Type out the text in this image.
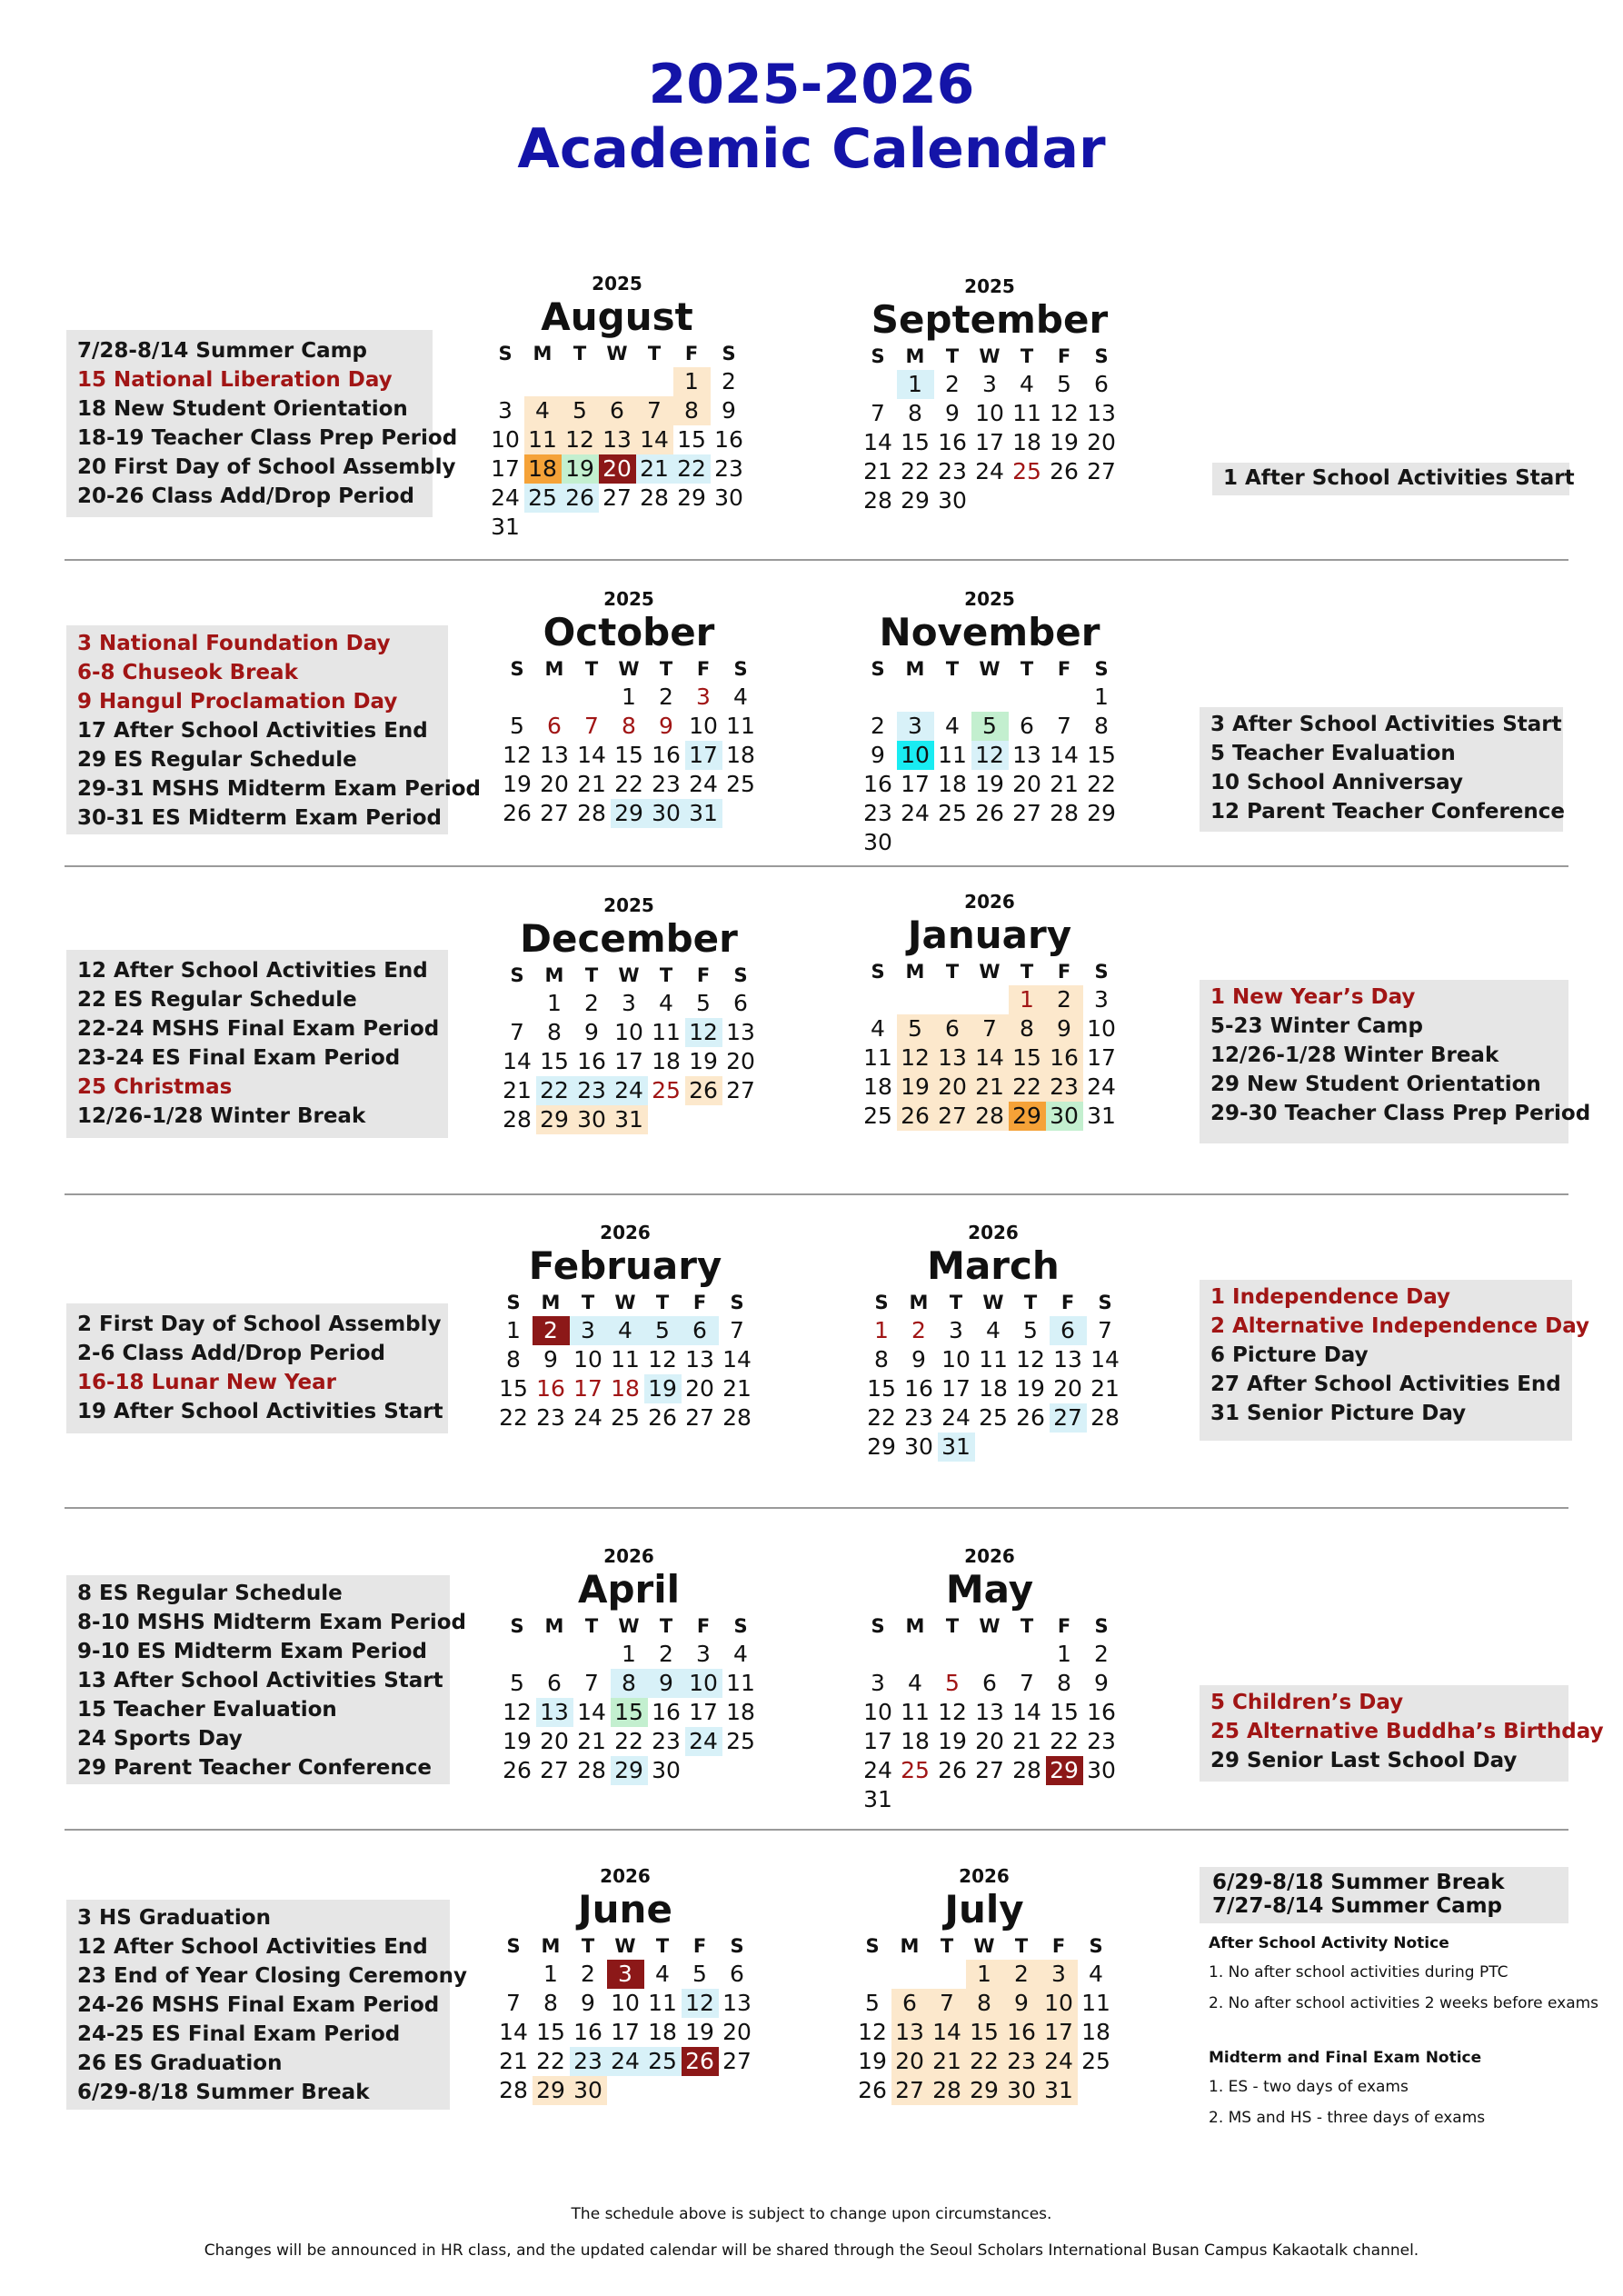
2025-2026
Academic Calendar
2025
August
S	M	T	W	T	F	S
					1	2
3	4	5	6	7	8	9
10	11	12	13	14	15	16
17	18	19	20	21	22	23
24	25	26	27	28	29	30
31						
2025
September
S	M	T	W	T	F	S
	1	2	3	4	5	6
7	8	9	10	11	12	13
14	15	16	17	18	19	20
21	22	23	24	25	26	27
28	29	30				
2025
October
S	M	T	W	T	F	S
			1	2	3	4
5	6	7	8	9	10	11
12	13	14	15	16	17	18
19	20	21	22	23	24	25
26	27	28	29	30	31	
2025
November
S	M	T	W	T	F	S
						1
2	3	4	5	6	7	8
9	10	11	12	13	14	15
16	17	18	19	20	21	22
23	24	25	26	27	28	29
30						
2025
December
S	M	T	W	T	F	S
	1	2	3	4	5	6
7	8	9	10	11	12	13
14	15	16	17	18	19	20
21	22	23	24	25	26	27
28	29	30	31			
2026
January
S	M	T	W	T	F	S
				1	2	3
4	5	6	7	8	9	10
11	12	13	14	15	16	17
18	19	20	21	22	23	24
25	26	27	28	29	30	31
2026
February
S	M	T	W	T	F	S
1	2	3	4	5	6	7
8	9	10	11	12	13	14
15	16	17	18	19	20	21
22	23	24	25	26	27	28
2026
March
S	M	T	W	T	F	S
1	2	3	4	5	6	7
8	9	10	11	12	13	14
15	16	17	18	19	20	21
22	23	24	25	26	27	28
29	30	31				
2026
April
S	M	T	W	T	F	S
			1	2	3	4
5	6	7	8	9	10	11
12	13	14	15	16	17	18
19	20	21	22	23	24	25
26	27	28	29	30		
2026
May
S	M	T	W	T	F	S
					1	2
3	4	5	6	7	8	9
10	11	12	13	14	15	16
17	18	19	20	21	22	23
24	25	26	27	28	29	30
31						
2026
June
S	M	T	W	T	F	S
	1	2	3	4	5	6
7	8	9	10	11	12	13
14	15	16	17	18	19	20
21	22	23	24	25	26	27
28	29	30				
2026
July
S	M	T	W	T	F	S
			1	2	3	4
5	6	7	8	9	10	11
12	13	14	15	16	17	18
19	20	21	22	23	24	25
26	27	28	29	30	31	
7/28-8/14 Summer Camp
15 National Liberation Day
18 New Student Orientation
18-19 Teacher Class Prep Period
20 First Day of School Assembly
20-26 Class Add/Drop Period
1 After School Activities Start
3 National Foundation Day
6-8 Chuseok Break
9 Hangul Proclamation Day
17 After School Activities End
29 ES Regular Schedule
29-31 MSHS Midterm Exam Period
30-31 ES Midterm Exam Period
3 After School Activities Start
5 Teacher Evaluation
10 School Anniversay
12 Parent Teacher Conference
12 After School Activities End
22 ES Regular Schedule
22-24 MSHS Final Exam Period
23-24 ES Final Exam Period
25 Christmas
12/26-1/28 Winter Break
1 New Year’s Day
5-23 Winter Camp
12/26-1/28 Winter Break
29 New Student Orientation
29-30 Teacher Class Prep Period
2 First Day of School Assembly
2-6 Class Add/Drop Period
16-18 Lunar New Year
19 After School Activities Start
1 Independence Day
2 Alternative Independence Day
6 Picture Day
27 After School Activities End
31 Senior Picture Day
8 ES Regular Schedule
8-10 MSHS Midterm Exam Period
9-10 ES Midterm Exam Period
13 After School Activities Start
15 Teacher Evaluation
24 Sports Day
29 Parent Teacher Conference
5 Children’s Day
25 Alternative Buddha’s Birthday
29 Senior Last School Day
3 HS Graduation
12 After School Activities End
23 End of Year Closing Ceremony
24-26 MSHS Final Exam Period
24-25 ES Final Exam Period
26 ES Graduation
6/29-8/18 Summer Break
6/29-8/18 Summer Break
7/27-8/14 Summer Camp
After School Activity Notice
1. No after school activities during PTC
2. No after school activities 2 weeks before exams
Midterm and Final Exam Notice
1. ES - two days of exams
2. MS and HS - three days of exams
The schedule above is subject to change upon circumstances.
Changes will be announced in HR class, and the updated calendar will be shared through the Seoul Scholars International Busan Campus Kakaotalk channel.
